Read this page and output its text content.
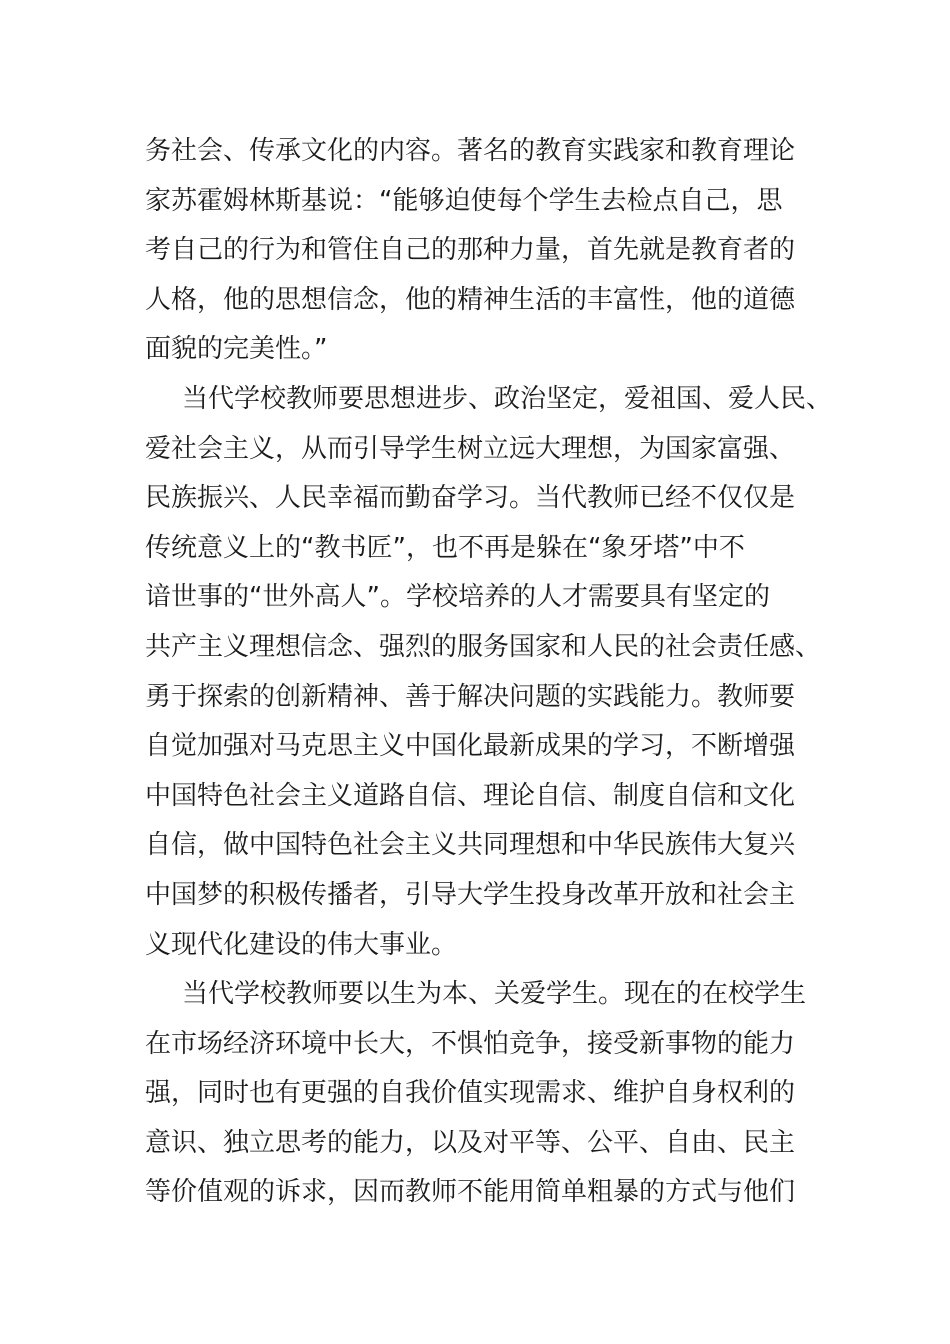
务社会、传承文化的内容。著名的教育实践家和教育理论
家苏霍姆林斯基说：“能够迫使每个学生去检点自己，思
考自己的行为和管住自己的那种力量，首先就是教育者的
人格，他的思想信念，他的精神生活的丰富性，他的道德
面貌的完美性。”
当代学校教师要思想进步、政治坚定，爱祖国、爱人民、
爱社会主义，从而引导学生树立远大理想，为国家富强、
民族振兴、人民幸福而勤奋学习。当代教师已经不仅仅是
传统意义上的“教书匠”，也不再是躲在“象牙塔”中不
谙世事的“世外高人”。学校培养的人才需要具有坚定的
共产主义理想信念、强烈的服务国家和人民的社会责任感、
勇于探索的创新精神、善于解决问题的实践能力。教师要
自觉加强对马克思主义中国化最新成果的学习，不断增强
中国特色社会主义道路自信、理论自信、制度自信和文化
自信，做中国特色社会主义共同理想和中华民族伟大复兴
中国梦的积极传播者，引导大学生投身改革开放和社会主
义现代化建设的伟大事业。
当代学校教师要以生为本、关爱学生。现在的在校学生
在市场经济环境中长大，不惧怕竞争，接受新事物的能力
强，同时也有更强的自我价值实现需求、维护自身权利的
意识、独立思考的能力，以及对平等、公平、自由、民主
等价值观的诉求，因而教师不能用简单粗暴的方式与他们
